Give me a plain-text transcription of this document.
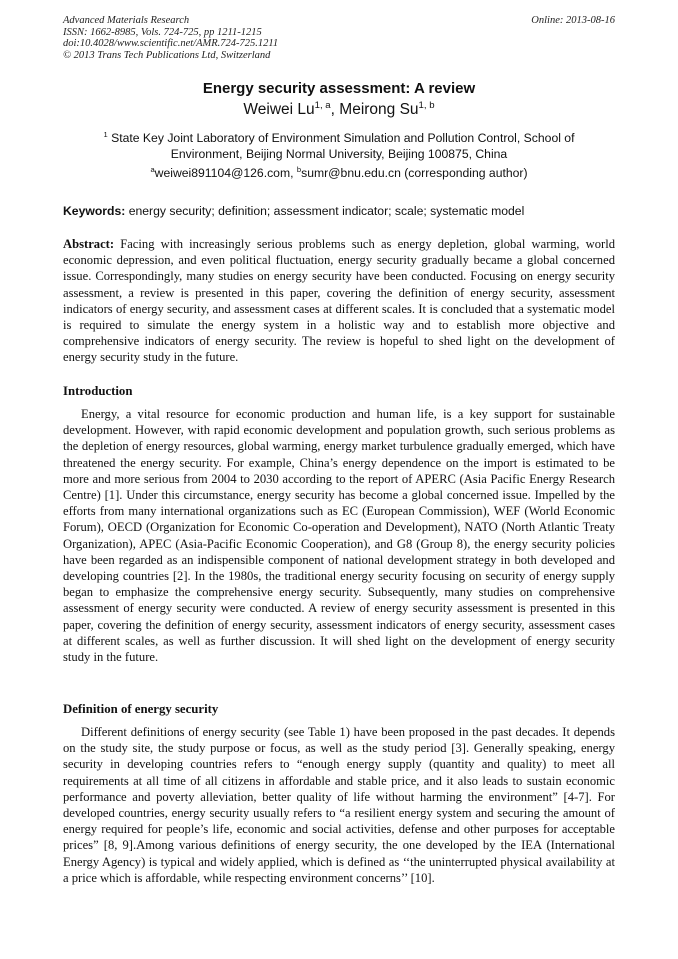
Advanced Materials Research
ISSN: 1662-8985, Vols. 724-725, pp 1211-1215
doi:10.4028/www.scientific.net/AMR.724-725.1211
© 2013 Trans Tech Publications Ltd, Switzerland
Online: 2013-08-16
Energy security assessment: A review
Weiwei Lu$^{1, a}$, Meirong Su$^{1, b}$
$^1$ State Key Joint Laboratory of Environment Simulation and Pollution Control, School of Environment, Beijing Normal University, Beijing 100875, China
$^a$weiwei891104@126.com, $^b$sumr@bnu.edu.cn (corresponding author)
Keywords: energy security; definition; assessment indicator; scale; systematic model
Abstract: Facing with increasingly serious problems such as energy depletion, global warming, world economic depression, and even political fluctuation, energy security gradually became a global concerned issue. Correspondingly, many studies on energy security have been conducted. Focusing on energy security assessment, a review is presented in this paper, covering the definition of energy security, assessment indicators of energy security, and assessment cases at different scales. It is concluded that a systematic model is required to simulate the energy system in a holistic way and to establish more objective and comprehensive indicators of energy security. The review is hopeful to shed light on the development of energy security study in the future.
Introduction

Energy, a vital resource for economic production and human life, is a key support for sustainable development. However, with rapid economic development and population growth, such serious problems as the depletion of energy resources, global warming, energy market turbulence gradually emerged, which have threatened the energy security. For example, China’s energy dependence on the import is estimated to be more and more serious from 2004 to 2030 according to the report of APERC (Asia Pacific Energy Research Centre) [1]. Under this circumstance, energy security has become a global concerned issue. Impelled by the efforts from many international organizations such as EC (European Commission), WEF (World Economic Forum), OECD (Organization for Economic Co-operation and Development), NATO (North Atlantic Treaty Organization), APEC (Asia-Pacific Economic Cooperation), and G8 (Group 8), the energy security policies have been regarded as an indispensible component of national development strategy in both developed and developing countries [2]. In the 1980s, the traditional energy security focusing on security of energy supply began to emphasize the comprehensive energy security. Subsequently, many studies on comprehensive assessment of energy security were conducted. A review of energy security assessment is presented in this paper, covering the definition of energy security, assessment indicators of energy security, assessment cases at different scales, as well as further discussion. It will shed light on the development of energy security study in the future.

Definition of energy security

Different definitions of energy security (see Table 1) have been proposed in the past decades. It depends on the study site, the study purpose or focus, as well as the study period [3]. Generally speaking, energy security in developing countries refers to “enough energy supply (quantity and quality) to meet all requirements at all time of all citizens in affordable and stable price, and it also leads to sustain economic performance and poverty alleviation, better quality of life without harming the environment” [4-7]. For developed countries, energy security usually refers to “a resilient energy system and securing the amount of energy required for people’s life, economic and social activities, defense and other purposes for acceptable prices” [8, 9].Among various definitions of energy security, the one developed by the IEA (International Energy Agency) is typical and widely applied, which is defined as ‘‘the uninterrupted physical availability at a price which is affordable, while respecting environment concerns’’ [10].
